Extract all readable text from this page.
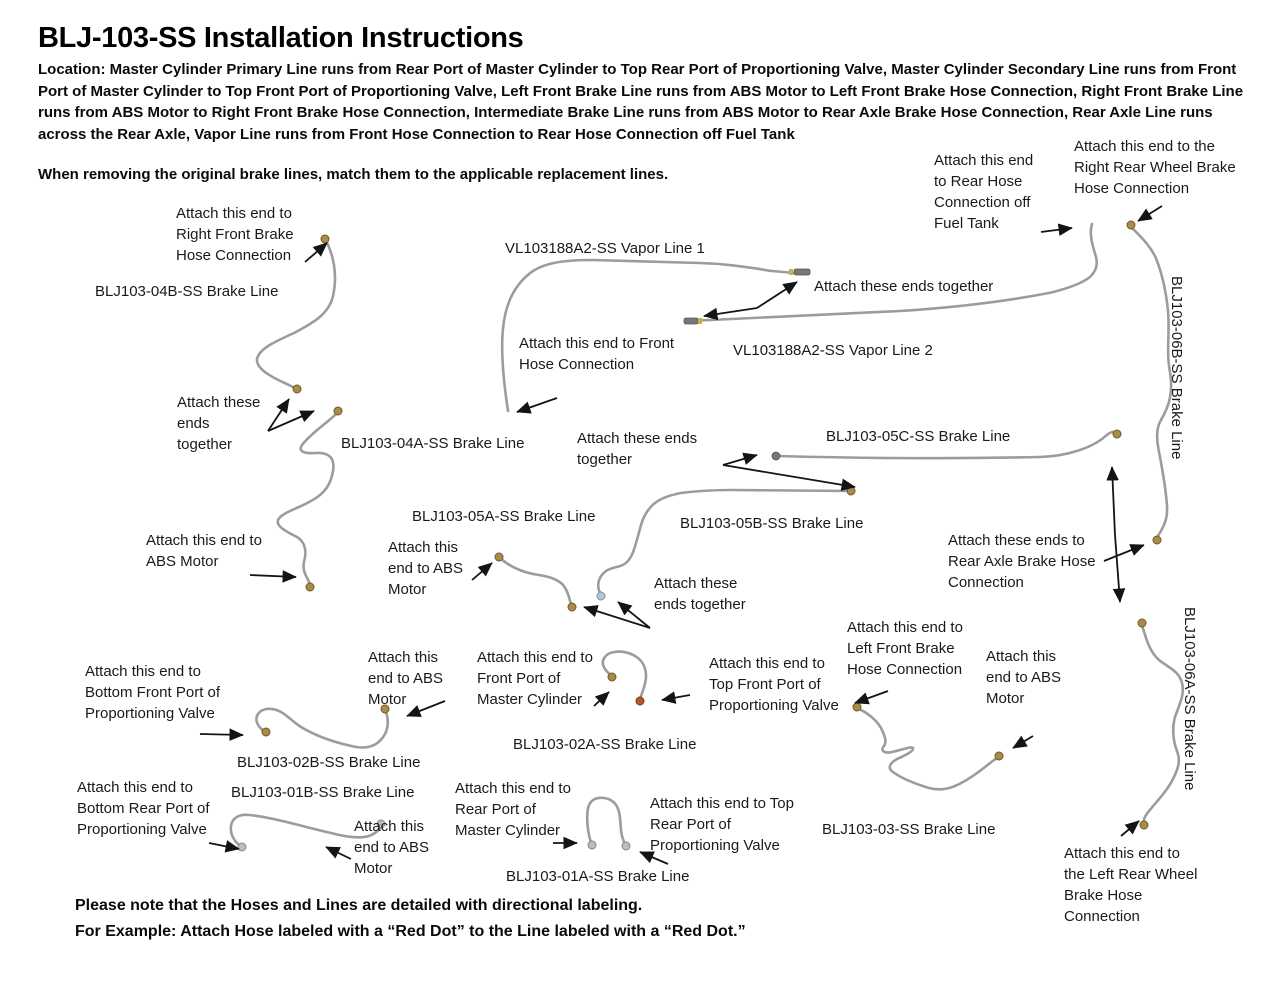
BLJ-103-SS Installation Instructions
Location: Master Cylinder Primary Line runs from Rear Port of Master Cylinder to Top Rear Port of Proportioning Valve, Master Cylinder Secondary Line runs from Front Port of Master Cylinder to Top Front Port of Proportioning Valve, Left Front Brake Line runs from ABS Motor to Left Front Brake Hose Connection, Right Front Brake Line runs from ABS Motor to Right Front Brake Hose Connection, Intermediate Brake Line runs from ABS Motor to Rear Axle Brake Hose Connection, Rear Axle Line runs across the Rear Axle, Vapor Line runs from Front Hose Connection to Rear Hose Connection off Fuel Tank
When removing the original brake lines, match them to the applicable replacement lines.
Attach this end to Right Front Brake Hose Connection
Attach this end to Rear Hose Connection off Fuel Tank
Attach this end to the Right Rear Wheel Brake Hose Connection
Attach these ends together
Attach this end to Front Hose Connection
Attach these ends together	Attach these ends together
Attach this end to ABS Motor
Attach this end to ABS Motor	Attach these ends together
Attach these ends to Rear Axle Brake Hose Connection
Attach this end to Left Front Brake Hose Connection
Attach this end to ABS Motor
Attach this end to Bottom Front Port of Proportioning Valve
Attach this end to ABS Motor
Attach this end to Front Port of Master Cylinder
Attach this end to Top Front Port of Proportioning Valve
Attach this end to Bottom Rear Port of Proportioning Valve
Attach this end to Rear Port of Master Cylinder
Attach this end to ABS Motor
Attach this end to Top Rear Port of Proportioning Valve	Attach this end to the Left Rear Wheel Brake Hose Connection
BLJ103-04B-SS Brake Line
VL103188A2-SS Vapor Line 1
VL103188A2-SS Vapor Line 2
BLJ103-04A-SS Brake Line	BLJ103-05C-SS Brake Line
BLJ103-05A-SS Brake Line	BLJ103-05B-SS Brake Line
BLJ103-06B-SS Brake Line
BLJ103-06A-SS Brake Line
BLJ103-02B-SS Brake Line
BLJ103-02A-SS Brake Line
BLJ103-01B-SS Brake Line
BLJ103-01A-SS Brake Line
BLJ103-03-SS Brake Line
Please note that the Hoses and Lines are detailed with directional labeling.
For Example: Attach Hose labeled with a “Red Dot” to the Line labeled with a “Red Dot.”
